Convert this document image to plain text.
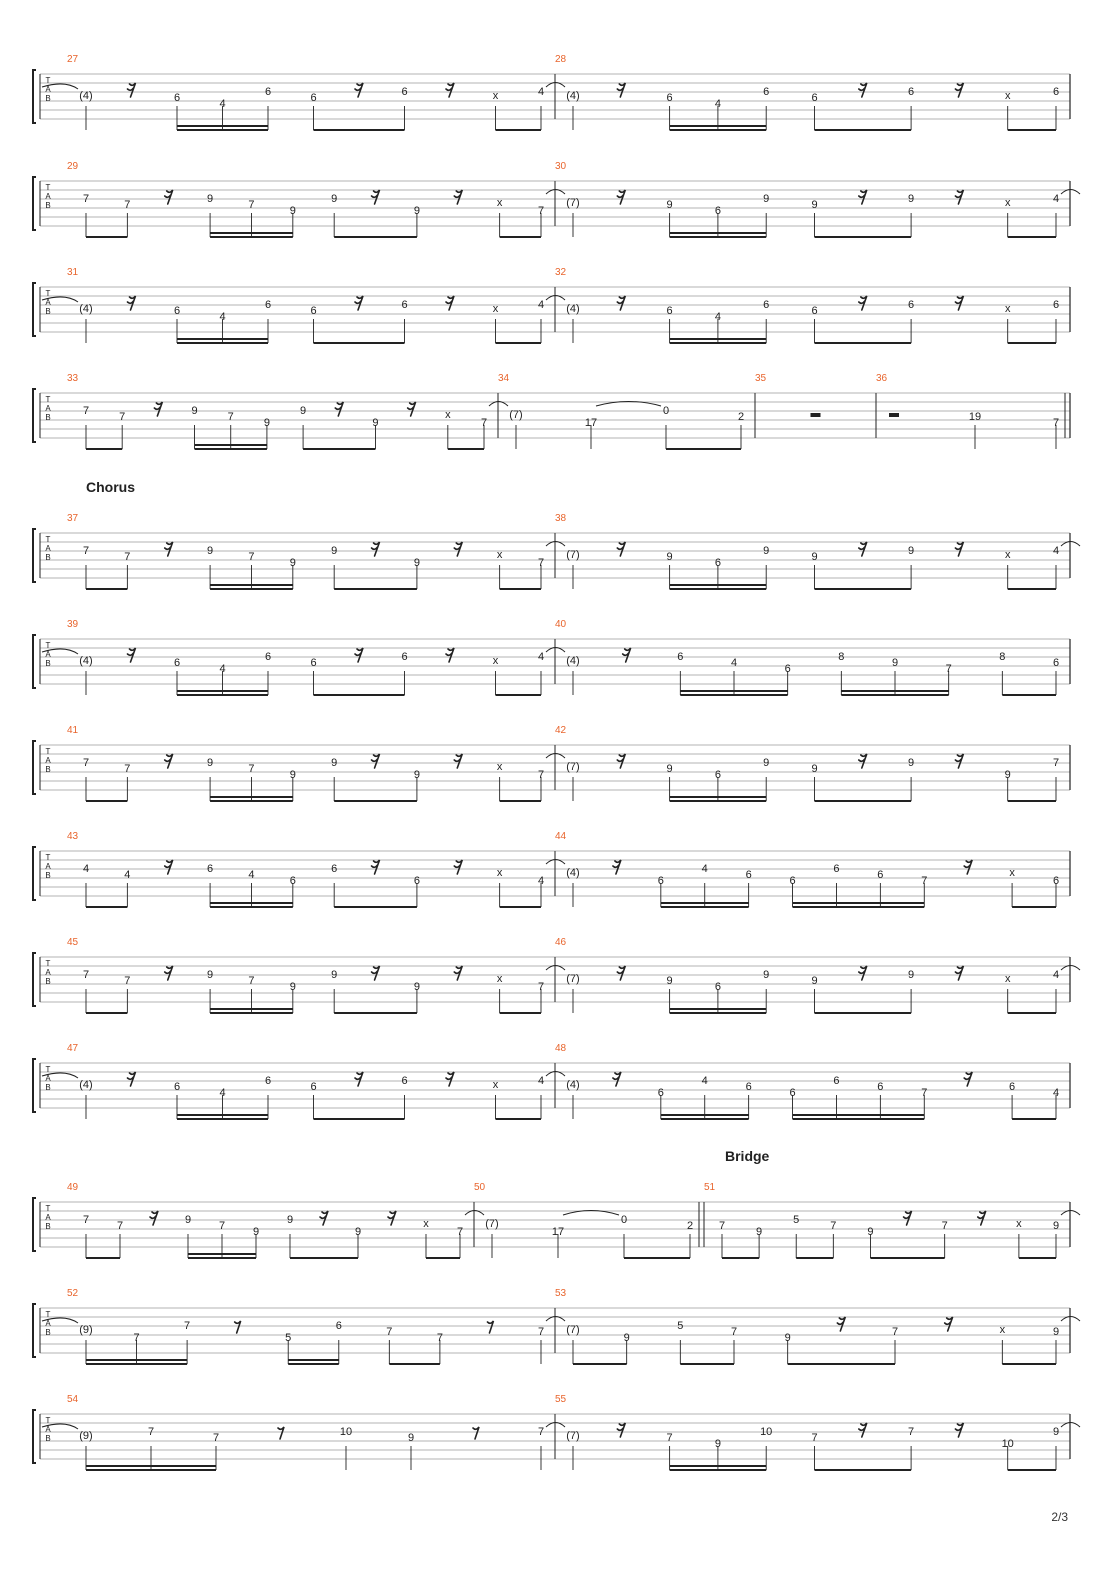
T
A
B
27
(4)	6	4
6	6	6	x	4
28
(4)	6	4
6	6	6	x	6
T
A
B
29
7	7	9	7	9
9
9
x
7
30
(7)	9	6
9	9	9	x	4
T
A
B
31
(4)	6	4
6	6	6	x	4
32
(4)	6	4
6	6	6	x	6
T
A
B
33
7	7	9	7	9
9
9
x
7
34
(7)
17
0	2
35	36
19	7
T
A
B
37
7	7	9	7	9
9
9
x
7
38
(7)	9	6
9	9	9	x	4
T
A
B
39
(4)	6	4
6	6	6	x	4
40
(4)	6	4	6
8	9	7
8	6
T
A
B
41
7	7	9	7	9
9
9
x
7
42
(7)	9	6
9	9	9
9
7
T
A
B
43
4	4	6	4	6
6
6
x
4
44
(4)
6
4	6	6
6	6	7
x
6
T
A
B
45
7	7	9	7	9
9
9
x
7
46
(7)	9	6
9	9	9	x	4
T
A
B
47
(4)	6	4
6	6	6	x	4
48
(4)
6
4	6	6
6	6	7	6	4
T
A
B
49
7	7	9	7	9
9
9
x
7
50
(7)
17
0	2
51
7	9
5	7	9	7	x	9
T
A
B
52
(9)
7
7
5
6	7	7	7
53
(7)
9
5	7	9	7	x	9
T
A
B
54
(9)	7	7	10	9	7
55
(7)	7	9
10	7	7
10
9
Chorus
Bridge
2/3
